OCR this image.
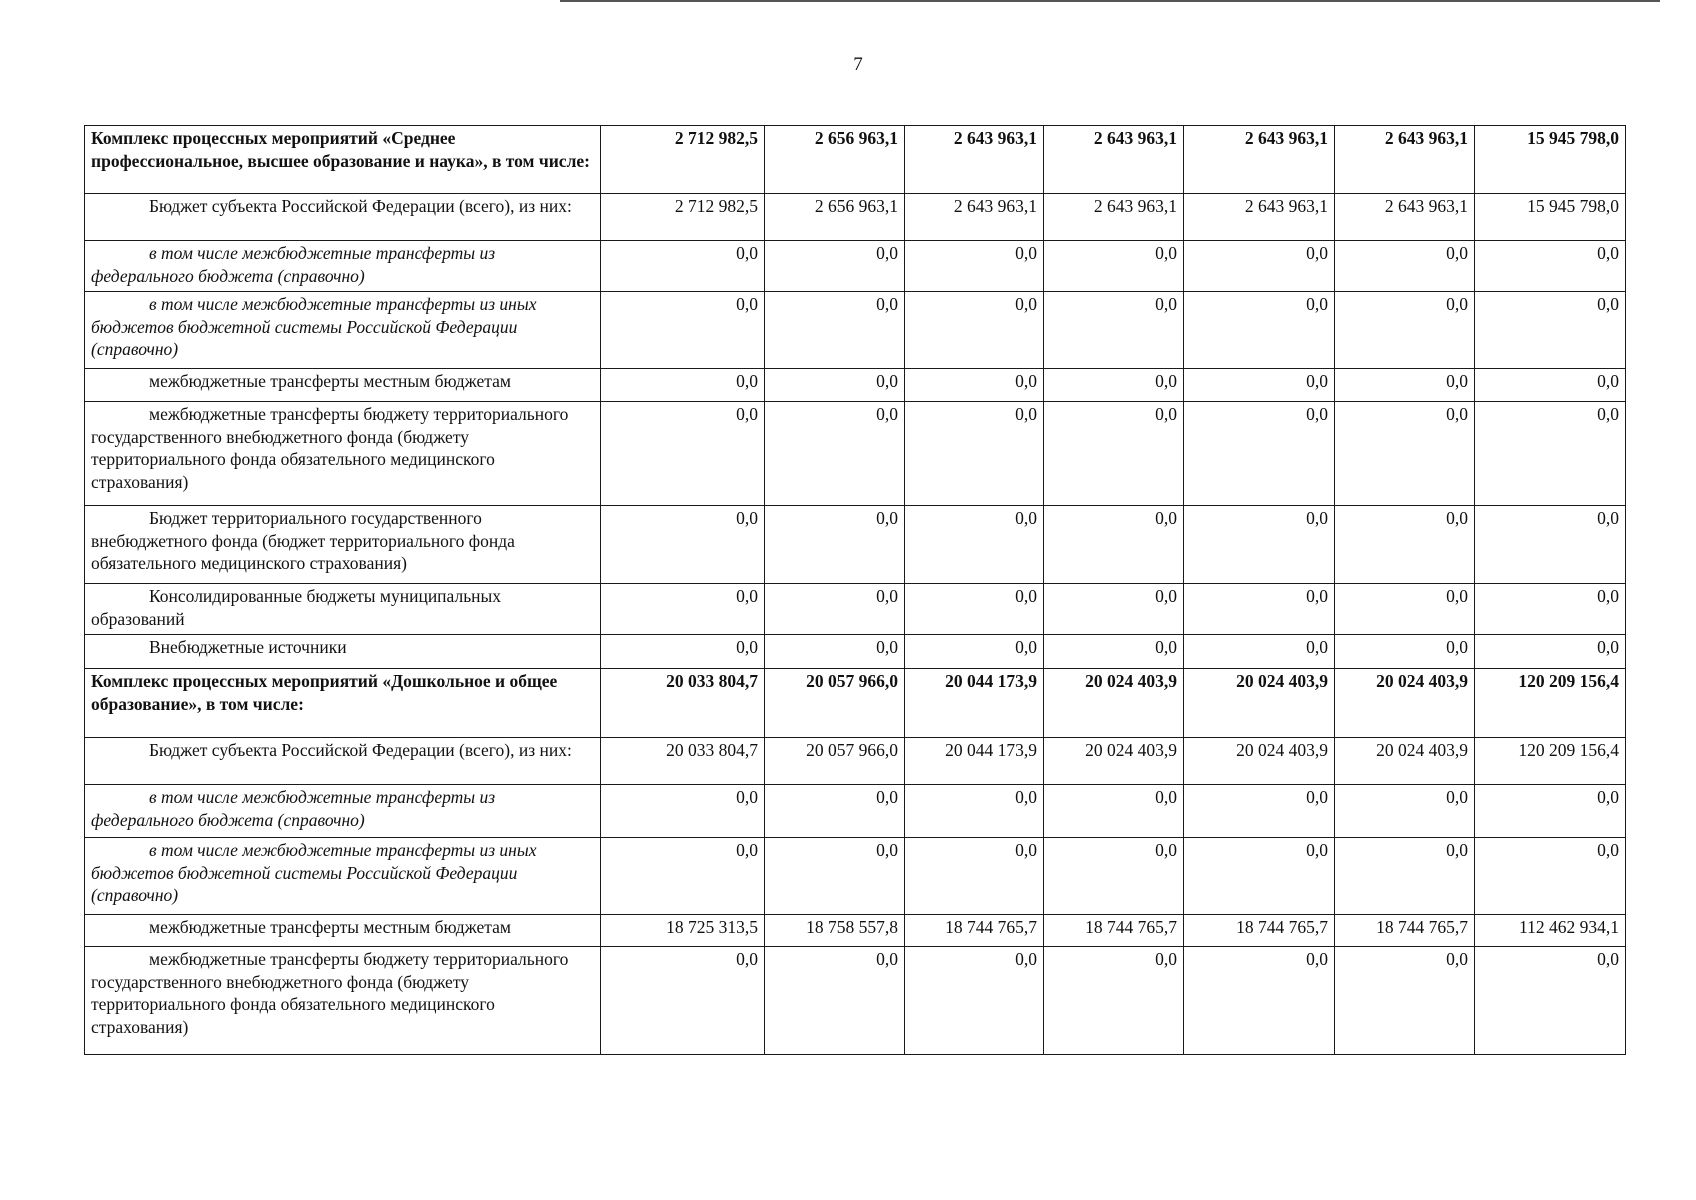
7
Комплекс процессных мероприятий «Среднее профессиональное, высшее образование и наука», в том числе:	2 712 982,5	2 656 963,1	2 643 963,1	2 643 963,1	2 643 963,1	2 643 963,1	15 945 798,0
Бюджет субъекта Российской Федерации (всего), из них:	2 712 982,5	2 656 963,1	2 643 963,1	2 643 963,1	2 643 963,1	2 643 963,1	15 945 798,0
в том числе межбюджетные трансферты из федерального бюджета (справочно)	0,0	0,0	0,0	0,0	0,0	0,0	0,0
в том числе межбюджетные трансферты из иных бюджетов бюджетной системы Российской Федерации (справочно)	0,0	0,0	0,0	0,0	0,0	0,0	0,0
межбюджетные трансферты местным бюджетам	0,0	0,0	0,0	0,0	0,0	0,0	0,0
межбюджетные трансферты бюджету территориального государственного внебюджетного фонда (бюджету территориального фонда обязательного медицинского страхования)	0,0	0,0	0,0	0,0	0,0	0,0	0,0
Бюджет территориального государственного внебюджетного фонда (бюджет территориального фонда обязательного медицинского страхования)	0,0	0,0	0,0	0,0	0,0	0,0	0,0
Консолидированные бюджеты муниципальных образований	0,0	0,0	0,0	0,0	0,0	0,0	0,0
Внебюджетные источники	0,0	0,0	0,0	0,0	0,0	0,0	0,0
Комплекс процессных мероприятий «Дошкольное и общее образование», в том числе:	20 033 804,7	20 057 966,0	20 044 173,9	20 024 403,9	20 024 403,9	20 024 403,9	120 209 156,4
Бюджет субъекта Российской Федерации (всего), из них:	20 033 804,7	20 057 966,0	20 044 173,9	20 024 403,9	20 024 403,9	20 024 403,9	120 209 156,4
в том числе межбюджетные трансферты из федерального бюджета (справочно)	0,0	0,0	0,0	0,0	0,0	0,0	0,0
в том числе межбюджетные трансферты из иных бюджетов бюджетной системы Российской Федерации (справочно)	0,0	0,0	0,0	0,0	0,0	0,0	0,0
межбюджетные трансферты местным бюджетам	18 725 313,5	18 758 557,8	18 744 765,7	18 744 765,7	18 744 765,7	18 744 765,7	112 462 934,1
межбюджетные трансферты бюджету территориального государственного внебюджетного фонда (бюджету территориального фонда обязательного медицинского страхования)	0,0	0,0	0,0	0,0	0,0	0,0	0,0
